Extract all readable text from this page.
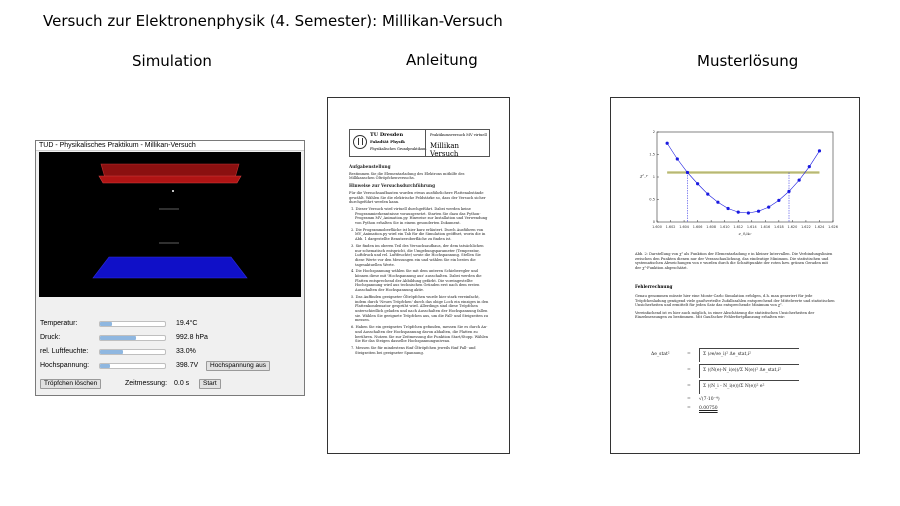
Versuch zur Elektronenphysik (4. Semester): Millikan-Versuch
Simulation	Anleitung	Musterlösung
TUD - Physikalisches Praktikum - Millikan-Versuch
Temperatur:	19.4°C
Druck:	992.8 hPa
rel. Luftfeuchte:	33.0%
Hochspannung:	398.7V	Hochspannung aus
Tröpfchen löschen	Zeitmessung: 0.0 s	Start
TU Dresden
Fakultät Physik
Physikalisches Grundpraktikum
Praktikumsversuch MV virtuell
Millikan Versuch
Aufgabenstellung

Bestimmen Sie die Elementarladung des Elektrons mithilfe des Millikanschen Öltröpfchenversuchs.

Hinweise zur Versuchsdurchführung

Für die Versuchsaufbauten wurden etwas ausführlichere Plattenabstände gewählt. Wählen Sie die elektrische Feldstärke so, dass der Versuch sicher durchgeführt werden kann.

1. Dieser Versuch wird virtuell durchgeführt. Dabei werden keine Programmierkenntnisse vorausgesetzt. Starten Sie dazu das Python-Programm MV_Animation.py. Hinweise zur Installation und Verwendung von Python erhalten Sie in einem gesonderten Dokument.
2. Die Programmoberfläche ist hier kurz erläutert. Durch Ausführen von MV_Animation.py wird ein Tab für die Simulation geöffnet, worin die in Abb. 1 dargestellte Benutzeroberfläche zu finden ist.
3. Sie finden im oberen Teil des Versuchsaufbaus, der dem tatsächlichen nur schematisch entspricht, die Umgebungsparameter (Temperatur, Luftdruck und rel. Luftfeuchte) sowie die Hochspannung. Stellen Sie diese Werte vor den Messungen ein und wählen Sie ein bestes die tagesaktuellen Werte.
4. Die Hochspannung wählen Sie mit dem unteren Schieberegler und können diese mit 'Hochspannung aus' ausschalten. Dabei werden die Platten entsprechend der Abbildung gefärbt. Die voreingestellte Hochspannung wird aus technischen Gründen erst nach dem ersten Ausschalten der Hochspannung aktiv.
5. Das Auffinden geeigneter Öltröpfchen wurde hier stark vereinfacht, indem durch 'Neues Tröpfchen' durch das obige Loch ein einziges in den Plattenkondensator gesprüht wird. Allerdings sind diese Tröpfchen unterschiedlich geladen und nach Ausschalten der Hochspannung fallen sie. Wählen Sie geeignete Tröpfchen aus, um die Fall- und Steigzeiten zu messen.
6. Haben Sie ein geeignetes Tröpfchen gefunden, messen Sie es durch An- und Ausschalten der Hochspannung davon abhalten, die Platten zu berühren. Nutzen Sie zur Zeitmessung die Funktion Start/Stopp. Wählen Sie für das Steigen dasselbe Hochspannungsniveau.
7. Messen Sie für mindestens fünf Öltröpfchen jeweils fünf Fall- und Steigzeiten bei geeigneter Spannung.
1.600 1.602 1.604 1.606 1.608 1.610 1.612 1.614 1.616 1.618 1.620 1.622 1.624 1.626
2
1.5
1
0.5
0
e_0/Ac
χ²_r
Abb. 2: Darstellung von χ² als Funktion der Elementarladung e in kleiner Intervallen. Die Verbindungslinien zwischen den Punkten dienen nur der Veranschaulichung, das eindeutige Minimum. Die statistischen und systematischen Abweichungen von e wurden durch die Schnittpunkte der roten bzw. grünen Geraden mit der χ²-Funktion abgeschätzt.
Fehlerrechnung

Genau genommen müsste hier eine Monte-Carlo Simulation erfolgen, d.h. man generiert für jede Tröpfchenladung genügend viele gaußverteilte Zufallszahlen entsprechend der Mittelwerte und statistischen Unsicherheiten und ermittelt für jeden Satz das entsprechende Minimum von χ².

Vereinfachend ist es hier auch möglich, in einer Abschätzung die statistischen Unsicherheiten der Einzelmessungen zu bestimmen. Mit Gaußscher Fehlerfortpflanzung erhalten wir:

Δe_stat²	=	Σ (∂e/∂e_i)² Δe_stat,i²
=	Σ ((N(e)-N_i(e))/Σ N(e))² Δe_stat,i²
=	Σ ((N_i - N_i(e))/Σ N(e))² e²
= √(7·10⁻⁴)
= 0.00750
